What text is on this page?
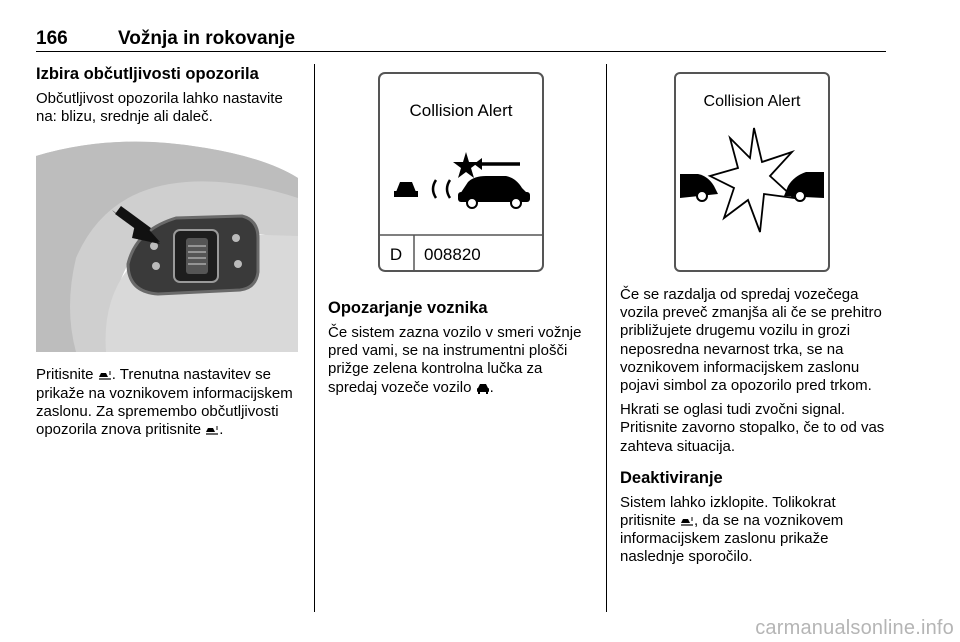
166	Vožnja in rokovanje
Izbira občutljivosti opozorila

Občutljivost opozorila lahko nastavite na: blizu, srednje ali daleč.

Pritisnite . Trenutna nastavitev se prikaže na voznikovem informacijskem zaslonu. Za spremembo občutljivosti opozorila znova pritisnite .

Collision Alert
D 008820
Opozarjanje voznika

Če sistem zazna vozilo v smeri vožnje pred vami, se na instrumentni plošči prižge zelena kontrolna lučka za spredaj vozeče vozilo .

Collision Alert

Če se razdalja od spredaj vozečega vozila preveč zmanjša ali če se prehitro približujete drugemu vozilu in grozi neposredna nevarnost trka, se na voznikovem informacijskem zaslonu pojavi simbol za opozorilo pred trkom.

Hkrati se oglasi tudi zvočni signal. Pritisnite zavorno stopalko, če to od vas zahteva situacija.

Deaktiviranje

Sistem lahko izklopite. Tolikokrat pritisnite , da se na voznikovem informacijskem zaslonu prikaže naslednje sporočilo.

carmanualsonline.info
